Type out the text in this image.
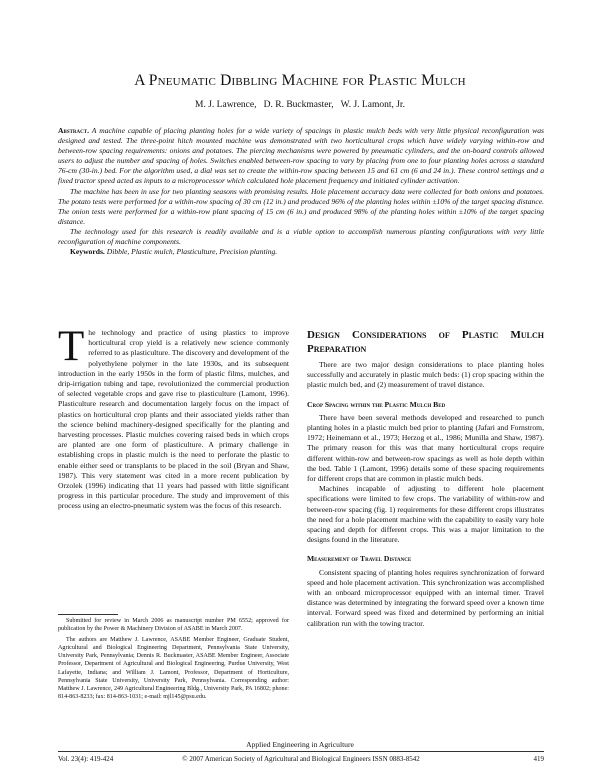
A Pneumatic Dibbling Machine for Plastic Mulch
M. J. Lawrence,   D. R. Buckmaster,   W. J. Lamont, Jr.

Abstract. A machine capable of placing planting holes for a wide variety of spacings in plastic mulch beds with very little physical reconfiguration was designed and tested. The three-point hitch mounted machine was demonstrated with two horticultural crops which have widely varying within-row and between-row spacing requirements: onions and potatoes. The piercing mechanisms were powered by pneumatic cylinders, and the on-board controls allowed users to adjust the number and spacing of holes. Switches enabled between-row spacing to vary by placing from one to four planting holes across a standard 76-cm (30-in.) bed. For the algorithm used, a dial was set to create the within-row spacing between 15 and 61 cm (6 and 24 in.). These control settings and a fixed tractor speed acted as inputs to a microprocessor which calculated hole placement frequency and initiated cylinder activation.

The machine has been in use for two planting seasons with promising results. Hole placement accuracy data were collected for both onions and potatoes. The potato tests were performed for a within-row spacing of 30 cm (12 in.) and produced 96% of the planting holes within ±10% of the target spacing distance. The onion tests were performed for a within-row plant spacing of 15 cm (6 in.) and produced 98% of the planting holes within ±10% of the target spacing distance.

The technology used for this research is readily available and is a viable option to accomplish numerous planting configurations with very little reconfiguration of machine components.

Keywords. Dibble, Plastic mulch, Plasticulture, Precision planting.

The technology and practice of using plastics to improve horticultural crop yield is a relatively new science commonly referred to as plasticulture. The discovery and development of the polyethylene polymer in the late 1930s, and its subsequent introduction in the early 1950s in the form of plastic films, mulches, and drip-irrigation tubing and tape, revolutionized the commercial production of selected vegetable crops and gave rise to plasticulture (Lamont, 1996). Plasticulture research and documentation largely focus on the impact of plastics on horticultural crop plants and their associated yields rather than the science behind machinery-designed specifically for the planting and harvesting processes. Plastic mulches covering raised beds in which crops are planted are one form of plasticulture. A primary challenge in establishing crops in plastic mulch is the need to perforate the plastic to enable either seed or transplants to be placed in the soil (Bryan and Shaw, 1987). This very statement was cited in a more recent publication by Orzolek (1996) indicating that 11 years had passed with little significant progress in this particular procedure. The study and improvement of this process using an electro-pneumatic system was the focus of this research.

Submitted for review in March 2006 as manuscript number PM 6552; approved for publication by the Power & Machinery Division of ASABE in March 2007.

The authors are Matthew J. Lawrence, ASABE Member Engineer, Graduate Student, Agricultural and Biological Engineering Department, Pennsylvania State University, University Park, Pennsylvania; Dennis R. Buckmaster, ASABE Member Engineer, Associate Professor, Department of Agricultural and Biological Engineering, Purdue University, West Lafayette, Indiana; and William J. Lamont, Professor, Department of Horticulture, Pennsylvania State University, University Park, Pennsylvania. Corresponding author: Matthew J. Lawrence, 249 Agricultural Engineering Bldg., University Park, PA 16802; phone: 814-863-8233; fax: 814-863-1031; e-mail: mjl145@psu.edu.

Design Considerations of Plastic Mulch Preparation

There are two major design considerations to place planting holes successfully and accurately in plastic mulch beds: (1) crop spacing within the plastic mulch bed, and (2) measurement of travel distance.

Crop Spacing within the Plastic Mulch Bed

There have been several methods developed and researched to punch planting holes in a plastic mulch bed prior to planting (Jafari and Fornstrom, 1972; Heinemann et al., 1973; Herzog et al., 1986; Munilla and Shaw, 1987). The primary reason for this was that many horticultural crops require different within-row and between-row spacings as well as hole depth within the bed. Table 1 (Lamont, 1996) details some of these spacing requirements for different crops that are common in plastic mulch beds.

Machines incapable of adjusting to different hole placement specifications were limited to few crops. The variability of within-row and between-row spacing (fig. 1) requirements for these different crops illustrates the need for a hole placement machine with the capability to easily vary hole spacing and depth for different crops. This was a major limitation to the designs found in the literature.

Measurement of Travel Distance

Consistent spacing of planting holes requires synchronization of forward speed and hole placement activation. This synchronization was accomplished with an onboard microprocessor equipped with an internal timer. Travel distance was determined by integrating the forward speed over a known time interval. Forward speed was fixed and determined by performing an initial calibration run with the towing tractor.

Applied Engineering in Agriculture
Vol. 23(4): 419-424	© 2007 American Society of Agricultural and Biological Engineers ISSN 0883-8542	419
